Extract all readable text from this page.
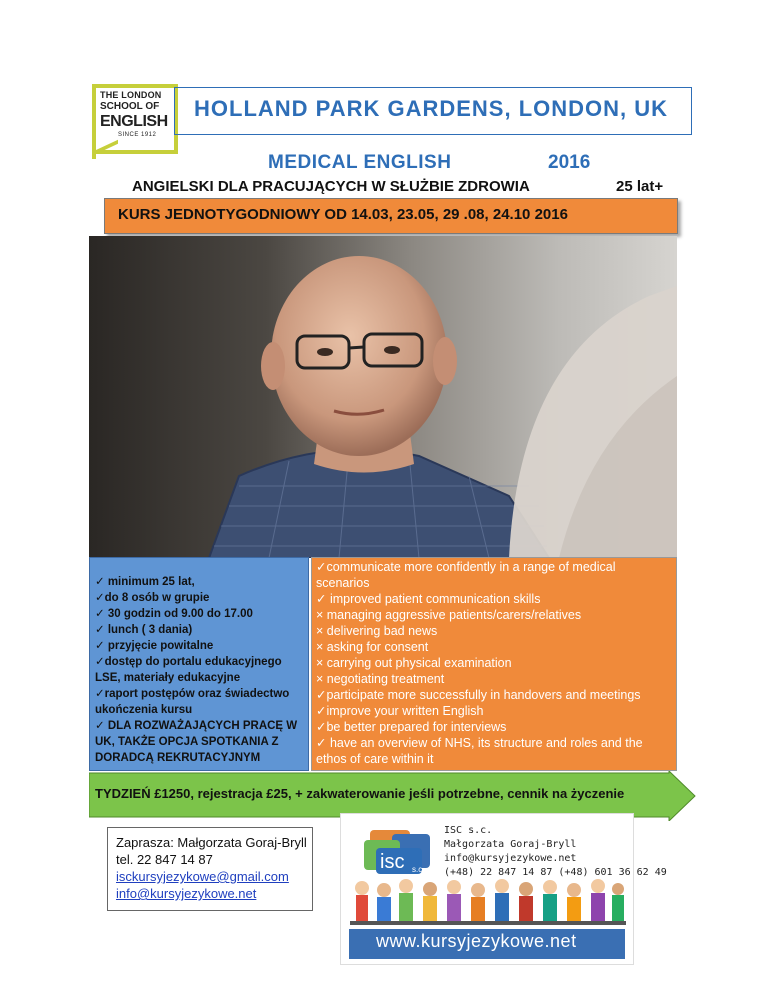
THE LONDON
SCHOOL OF
ENGLISH
SINCE 1912
HOLLAND PARK GARDENS, LONDON, UK
MEDICAL ENGLISH	2016
ANGIELSKI DLA PRACUJĄCYCH W SŁUŻBIE ZDROWIA	25 lat+
KURS JEDNOTYGODNIOWY OD 14.03, 23.05, 29 .08, 24.10 2016
✓ minimum 25 lat,
✓do 8 osób w grupie
✓ 30 godzin od 9.00 do 17.00
✓ lunch ( 3 dania)
✓ przyjęcie powitalne
✓dostęp do portalu edukacyjnego LSE, materiały edukacyjne
✓raport postępów oraz świadectwo ukończenia kursu
✓ DLA ROZWAŻAJĄCYCH PRACĘ W UK, TAKŻE OPCJA SPOTKANIA Z DORADCĄ REKRUTACYJNYM
✓communicate more confidently in a range of medical scenarios
✓ improved patient communication skills
× managing aggressive patients/carers/relatives
× delivering bad news
× asking for consent
× carrying out physical examination
× negotiating treatment
✓participate more successfully in handovers and meetings
✓improve your written English
✓be better prepared for interviews
✓ have an overview of NHS, its structure and roles and the ethos of care within it
TYDZIEŃ £1250, rejestracja £25, + zakwaterowanie jeśli potrzebne, cennik na życzenie
Zaprasza: Małgorzata Goraj-Bryll
tel. 22 847 14 87
isckursyjezykowe@gmail.com
info@kursyjezykowe.net
isc s.c.
ISC s.c.
Małgorzata Goraj-Bryll
info@kursyjezykowe.net
(+48) 22 847 14 87 (+48) 601 36 62 49
www.kursyjezykowe.net
